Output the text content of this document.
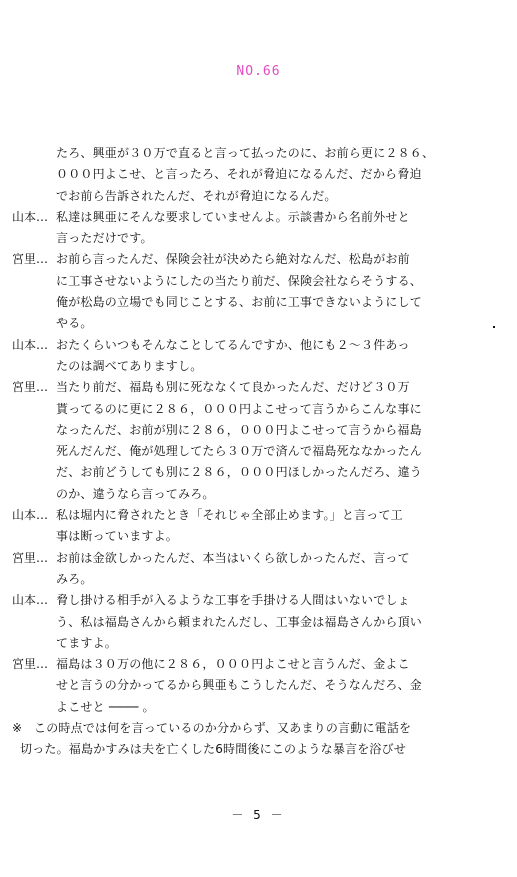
NO.66
たろ、興亜が３０万で直ると言って払ったのに、お前ら更に２８６、
０００円よこせ、と言ったろ、それが脅迫になるんだ、だから脅迫
でお前ら告訴されたんだ、それが脅迫になるんだ。
山本… 私達は興亜にそんな要求していませんよ。示談書から名前外せと
言っただけです。
宮里… お前ら言ったんだ、保険会社が決めたら絶対なんだ、松島がお前
に工事させないようにしたの当たり前だ、保険会社ならそうする、
俺が松島の立場でも同じことする、お前に工事できないようにして
やる。
山本… おたくらいつもそんなことしてるんですか、他にも２～３件あっ
たのは調べてありますし。
宮里… 当たり前だ、福島も別に死ななくて良かったんだ、だけど３０万
貰ってるのに更に２８６，０００円よこせって言うからこんな事に
なったんだ、お前が別に２８６，０００円よこせって言うから福島
死んだんだ、俺が処理してたら３０万で済んで福島死ななかったん
だ、お前どうしても別に２８６，０００円ほしかったんだろ、違う
のか、違うなら言ってみろ。
山本… 私は堀内に脅されたとき「それじゃ全部止めます。」と言って工
事は断っていますよ。
宮里… お前は金欲しかったんだ、本当はいくら欲しかったんだ、言って
みろ。
山本… 脅し掛ける相手が入るような工事を手掛ける人間はいないでしょ
う、私は福島さんから頼まれたんだし、工事金は福島さんから頂い
てますよ。
宮里… 福島は３０万の他に２８６，０００円よこせと言うんだ、金よこ
せと言うの分かってるから興亜もこうしたんだ、そうなんだろ、金
よこせと ──── 。
※ この時点では何を言っているのか分からず、又あまりの言動に電話を
切った。福島かすみは夫を亡くした6時間後にこのような暴言を浴びせ
－ 5 －
